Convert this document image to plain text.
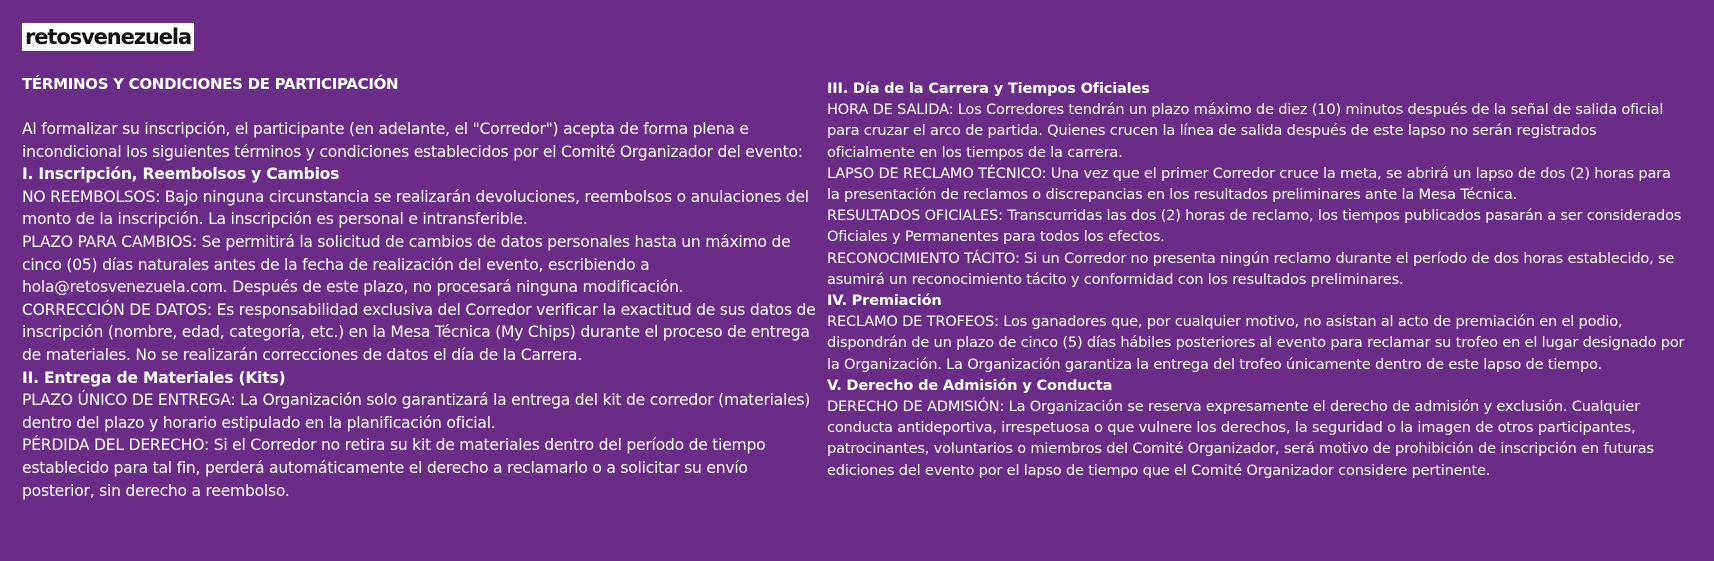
retosvenezuela
TÉRMINOS Y CONDICIONES DE PARTICIPACIÓN

Al formalizar su inscripción, el participante (en adelante, el "Corredor") acepta de forma plena e incondicional los siguientes términos y condiciones establecidos por el Comité Organizador del evento:

I. Inscripción, Reembolsos y Cambios

NO REEMBOLSOS: Bajo ninguna circunstancia se realizarán devoluciones, reembolsos o anulaciones del monto de la inscripción. La inscripción es personal e intransferible.

PLAZO PARA CAMBIOS: Se permitirá la solicitud de cambios de datos personales hasta un máximo de cinco (05) días naturales antes de la fecha de realización del evento, escribiendo a hola@retosvenezuela.com. Después de este plazo, no procesará ninguna modificación.

CORRECCIÓN DE DATOS: Es responsabilidad exclusiva del Corredor verificar la exactitud de sus datos de inscripción (nombre, edad, categoría, etc.) en la Mesa Técnica (My Chips) durante el proceso de entrega de materiales. No se realizarán correcciones de datos el día de la Carrera.

II. Entrega de Materiales (Kits)

PLAZO ÚNICO DE ENTREGA: La Organización solo garantizará la entrega del kit de corredor (materiales) dentro del plazo y horario estipulado en la planificación oficial.

PÉRDIDA DEL DERECHO: Si el Corredor no retira su kit de materiales dentro del período de tiempo establecido para tal fin, perderá automáticamente el derecho a reclamarlo o a solicitar su envío posterior, sin derecho a reembolso.

III. Día de la Carrera y Tiempos Oficiales

HORA DE SALIDA: Los Corredores tendrán un plazo máximo de diez (10) minutos después de la señal de salida oficial para cruzar el arco de partida. Quienes crucen la línea de salida después de este lapso no serán registrados oficialmente en los tiempos de la carrera.

LAPSO DE RECLAMO TÉCNICO: Una vez que el primer Corredor cruce la meta, se abrirá un lapso de dos (2) horas para la presentación de reclamos o discrepancias en los resultados preliminares ante la Mesa Técnica.

RESULTADOS OFICIALES: Transcurridas las dos (2) horas de reclamo, los tiempos publicados pasarán a ser considerados Oficiales y Permanentes para todos los efectos.

RECONOCIMIENTO TÁCITO: Si un Corredor no presenta ningún reclamo durante el período de dos horas establecido, se asumirá un reconocimiento tácito y conformidad con los resultados preliminares.

IV. Premiación

RECLAMO DE TROFEOS: Los ganadores que, por cualquier motivo, no asistan al acto de premiación en el podio, dispondrán de un plazo de cinco (5) días hábiles posteriores al evento para reclamar su trofeo en el lugar designado por la Organización. La Organización garantiza la entrega del trofeo únicamente dentro de este lapso de tiempo.

V. Derecho de Admisión y Conducta

DERECHO DE ADMISIÓN: La Organización se reserva expresamente el derecho de admisión y exclusión. Cualquier conducta antideportiva, irrespetuosa o que vulnere los derechos, la seguridad o la imagen de otros participantes, patrocinantes, voluntarios o miembros del Comité Organizador, será motivo de prohibición de inscripción en futuras ediciones del evento por el lapso de tiempo que el Comité Organizador considere pertinente.
